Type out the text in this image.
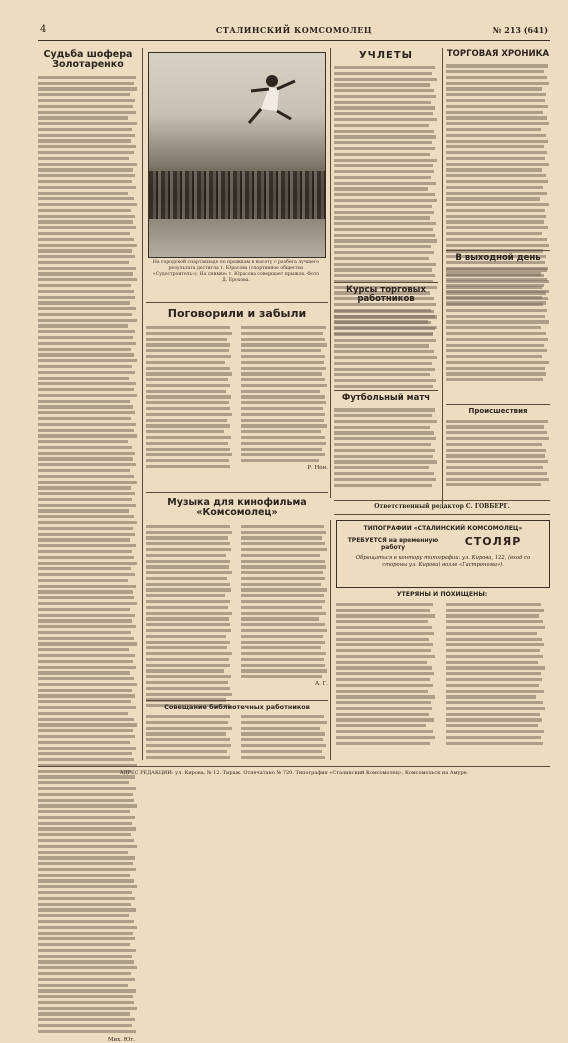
4	СТАЛИНСКИЙ КОМСОМОЛЕЦ	№ 213 (641)
Судьба шофера Золотаренко
Мих. Юг.
На городской спартакиаде по прыжкам в высоту с разбега лучшего результата достигла т. Юрасова (спортивное общество «Судостроитель»). На снимке: т. Юрасова совершает прыжок. Фото Д. Ерохова.
Поговорили и забыли
Р. Нон.
Музыка для кинофильма «Комсомолец»
А. Г.
Совещание библиотечных работников
УЧЛЕТЫ
Курсы торговых работников
Футбольный матч
ТОРГОВАЯ ХРОНИКА
В выходной день
Происшествия
Ответственный редактор С. ГОВБЕРГ.
ТИПОГРАФИИ «СТАЛИНСКИЙ КОМСОМОЛЕЦ»
ТРЕБУЕТСЯ на временную работу	СТОЛЯР
Обращаться в контору типографии: ул. Кирова, 122, (вход со стороны ул. Кирова) возле «Гастронома»).
УТЕРЯНЫ И ПОХИЩЕНЫ:
АДРЕС РЕДАКЦИИ: ул. Кирова, № 12. Тираж. Отпечатано № 720. Типография «Сталинский Комсомолец», Комсомольск на Амуре.
